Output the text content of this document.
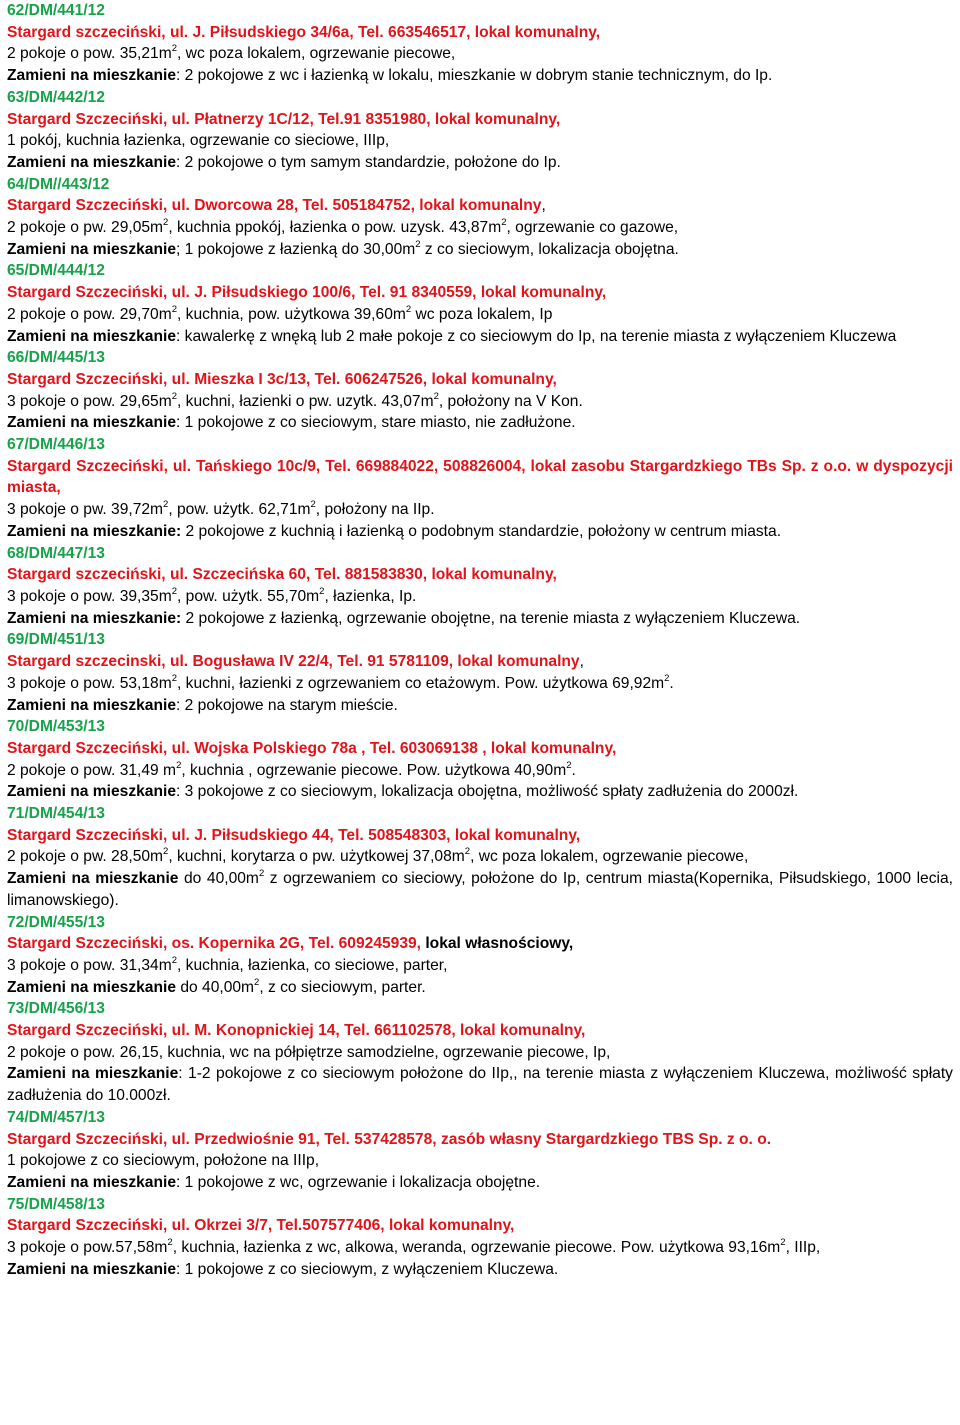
62/DM/441/12
Stargard szczeciński, ul. J. Piłsudskiego 34/6a, Tel. 663546517, lokal komunalny,
2 pokoje o pow. $35,21m^2$, wc poza lokalem, ogrzewanie piecowe,
Zamieni na mieszkanie: 2 pokojowe z wc i łazienką w lokalu, mieszkanie w dobrym stanie technicznym, do Ip.
63/DM/442/12
Stargard Szczeciński, ul. Płatnerzy 1C/12, Tel.91 8351980, lokal komunalny,
1 pokój, kuchnia łazienka, ogrzewanie co sieciowe, IIIp,
Zamieni na mieszkanie: 2 pokojowe o tym samym standardzie, położone do Ip.
64/DM//443/12
Stargard Szczeciński, ul. Dworcowa 28, Tel. 505184752, lokal komunalny,
2 pokoje o pw. $29,05m^2$, kuchnia ppokój, łazienka o pow. uzysk. $43,87m^2$, ogrzewanie co gazowe,
Zamieni na mieszkanie; 1 pokojowe z łazienką do $30,00m^2$ z co sieciowym, lokalizacja obojętna.
65/DM/444/12
Stargard Szczeciński, ul. J. Piłsudskiego 100/6, Tel. 91 8340559, lokal komunalny,
2 pokoje o pow. $29,70m^2$, kuchnia, pow. użytkowa $39,60m^2$ wc poza lokalem, Ip
Zamieni na mieszkanie: kawalerkę z wnęką lub 2 małe pokoje z co sieciowym do Ip, na terenie miasta z wyłączeniem Kluczewa
66/DM/445/13
Stargard Szczeciński, ul. Mieszka I 3c/13, Tel. 606247526, lokal komunalny,
3 pokoje o pow. $29,65m^2$, kuchni, łazienki o pw. uzytk. $43,07m^2$, położony na V Kon.
Zamieni na mieszkanie: 1 pokojowe z co sieciowym, stare miasto, nie zadłużone.
67/DM/446/13
Stargard Szczeciński, ul. Tańskiego 10c/9, Tel. 669884022, 508826004, lokal zasobu Stargardzkiego TBs Sp. z o.o. w dyspozycji miasta,
3 pokoje o pw. $39,72m^2$, pow. użytk. $62,71m^2$, położony na IIp.
Zamieni na mieszkanie: 2 pokojowe z kuchnią i łazienką o podobnym standardzie, położony w centrum miasta.
68/DM/447/13
Stargard szczeciński, ul. Szczecińska 60, Tel. 881583830, lokal komunalny,
3 pokoje o pow. $39,35m^2$, pow. użytk. $55,70m^2$, łazienka, Ip.
Zamieni na mieszkanie: 2 pokojowe z łazienką, ogrzewanie obojętne, na terenie miasta z wyłączeniem Kluczewa.
69/DM/451/13
Stargard szczecinski, ul. Bogusława IV 22/4, Tel. 91 5781109, lokal komunalny,
3 pokoje o pow. $53,18m^2$, kuchni, łazienki z ogrzewaniem co etażowym. Pow. użytkowa $69,92m^2$.
Zamieni na mieszkanie: 2 pokojowe na starym mieście.
70/DM/453/13
Stargard Szczeciński, ul. Wojska Polskiego 78a , Tel. 603069138 , lokal komunalny,
2 pokoje o pow. 31,49 $m^2$, kuchnia , ogrzewanie piecowe. Pow. użytkowa $40,90m^2$.
Zamieni na mieszkanie: 3 pokojowe z co sieciowym, lokalizacja obojętna, możliwość spłaty zadłużenia do 2000zł.
71/DM/454/13
Stargard Szczeciński, ul. J. Piłsudskiego 44, Tel. 508548303, lokal komunalny,
2 pokoje o pw. $28,50m^2$, kuchni, korytarza o pw. użytkowej $37,08m^2$, wc poza lokalem, ogrzewanie piecowe,
Zamieni na mieszkanie do $40,00m^2$ z ogrzewaniem co sieciowy, położone do Ip, centrum miasta(Kopernika, Piłsudskiego, 1000 lecia, limanowskiego).
72/DM/455/13
Stargard Szczeciński, os. Kopernika 2G, Tel. 609245939, lokal własnościowy,
3 pokoje o pow. $31,34m^2$, kuchnia, łazienka, co sieciowe, parter,
Zamieni na mieszkanie do $40,00m^2$, z co sieciowym, parter.
73/DM/456/13
Stargard Szczeciński, ul. M. Konopnickiej 14, Tel. 661102578, lokal komunalny,
2 pokoje o pow. 26,15, kuchnia, wc na półpiętrze samodzielne, ogrzewanie piecowe, Ip,
Zamieni na mieszkanie: 1-2 pokojowe z co sieciowym położone do IIp,, na terenie miasta z wyłączeniem Kluczewa, możliwość spłaty zadłużenia do 10.000zł.
74/DM/457/13
Stargard Szczeciński, ul. Przedwiośnie 91, Tel. 537428578, zasób własny Stargardzkiego TBS Sp. z o. o.
1 pokojowe z co sieciowym, położone na IIIp,
Zamieni na mieszkanie: 1 pokojowe z wc, ogrzewanie i lokalizacja obojętne.
75/DM/458/13
Stargard Szczeciński, ul. Okrzei 3/7, Tel.507577406, lokal komunalny,
3 pokoje o $pow.57,58m^2$, kuchnia, łazienka z wc, alkowa, weranda, ogrzewanie piecowe. Pow. użytkowa $93,16m^2$, IIIp,
Zamieni na mieszkanie: 1 pokojowe z co sieciowym, z wyłączeniem Kluczewa.
